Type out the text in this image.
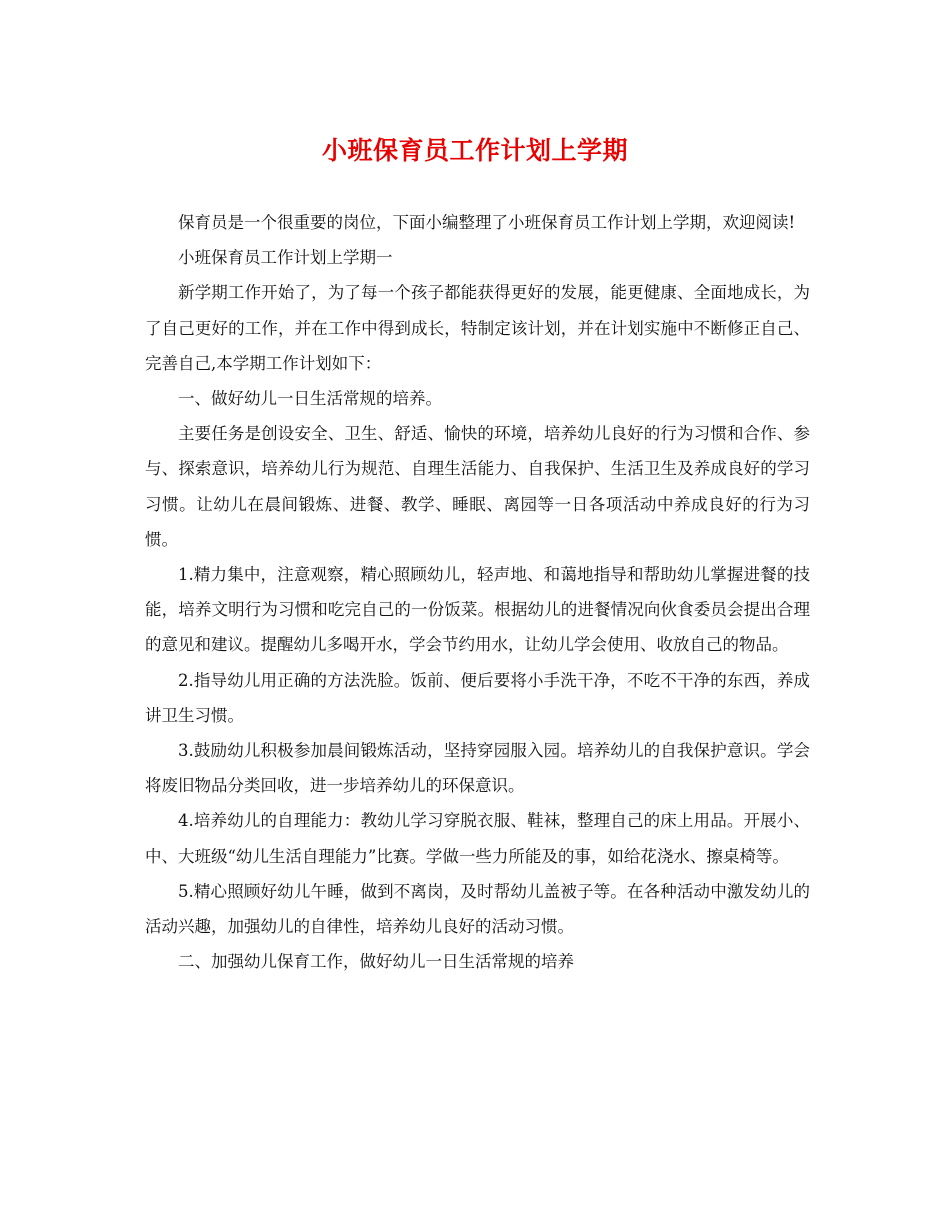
小班保育员工作计划上学期

保育员是一个很重要的岗位，下面小编整理了小班保育员工作计划上学期，欢迎阅读!

小班保育员工作计划上学期一

新学期工作开始了，为了每一个孩子都能获得更好的发展，能更健康、全面地成长，为了自己更好的工作，并在工作中得到成长，特制定该计划，并在计划实施中不断修正自己、完善自己,本学期工作计划如下：

一、做好幼儿一日生活常规的培养。

主要任务是创设安全、卫生、舒适、愉快的环境，培养幼儿良好的行为习惯和合作、参与、探索意识，培养幼儿行为规范、自理生活能力、自我保护、生活卫生及养成良好的学习习惯。让幼儿在晨间锻炼、进餐、教学、睡眠、离园等一日各项活动中养成良好的行为习惯。

1.精力集中，注意观察，精心照顾幼儿，轻声地、和蔼地指导和帮助幼儿掌握进餐的技能，培养文明行为习惯和吃完自己的一份饭菜。根据幼儿的进餐情况向伙食委员会提出合理的意见和建议。提醒幼儿多喝开水，学会节约用水，让幼儿学会使用、收放自己的物品。

2.指导幼儿用正确的方法洗脸。饭前、便后要将小手洗干净，不吃不干净的东西，养成讲卫生习惯。

3.鼓励幼儿积极参加晨间锻炼活动，坚持穿园服入园。培养幼儿的自我保护意识。学会将废旧物品分类回收，进一步培养幼儿的环保意识。

4.培养幼儿的自理能力：教幼儿学习穿脱衣服、鞋袜，整理自己的床上用品。开展小、中、大班级“幼儿生活自理能力”比赛。学做一些力所能及的事，如给花浇水、擦桌椅等。

5.精心照顾好幼儿午睡，做到不离岗，及时帮幼儿盖被子等。在各种活动中激发幼儿的活动兴趣，加强幼儿的自律性，培养幼儿良好的活动习惯。

二、加强幼儿保育工作，做好幼儿一日生活常规的培养
